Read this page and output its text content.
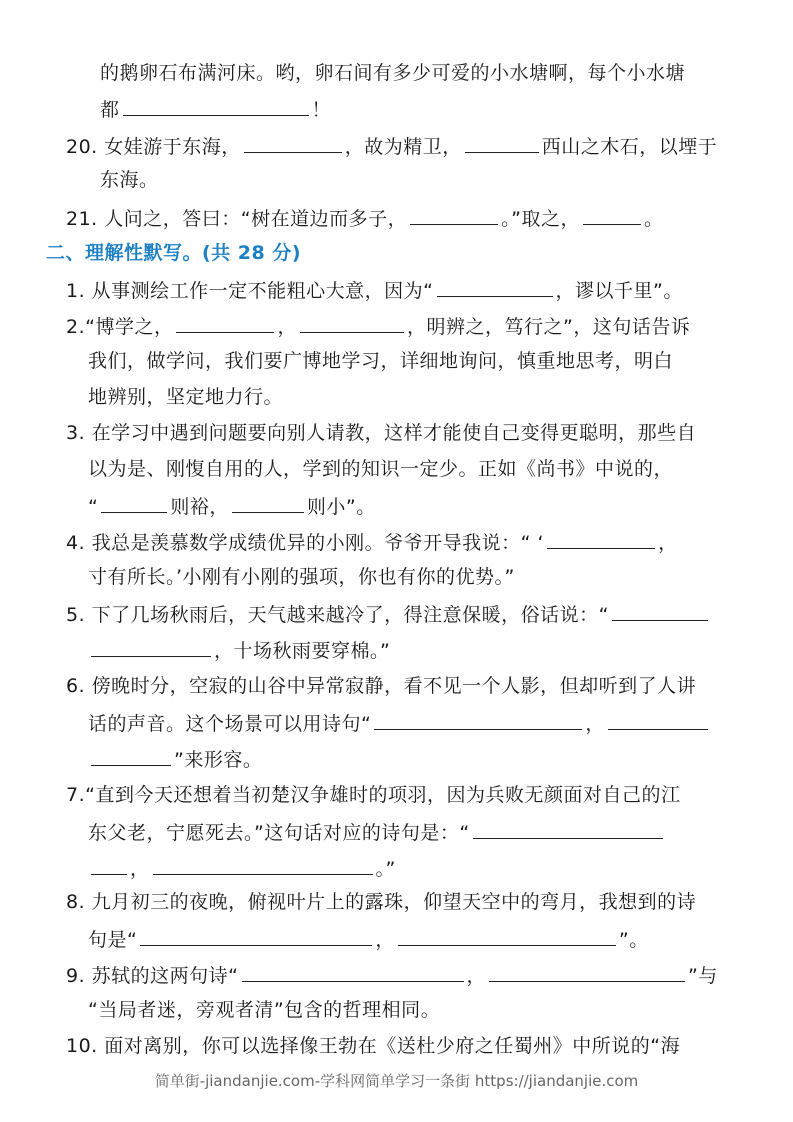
的鹅卵石布满河床。哟，卵石间有多少可爱的小水塘啊，每个小水塘
都	！
20. 女娃游于东海，	，故为精卫，	西山之木石，以堙于
东海。
21. 人问之，答曰：“树在道边而多子，	。”取之，	。
二、理解性默写。(共 28 分)
1. 从事测绘工作一定不能粗心大意，因为“	，谬以千里”。
2.“博学之，	，	，明辨之，笃行之”，这句话告诉
我们，做学问，我们要广博地学习，详细地询问，慎重地思考，明白
地辨别，坚定地力行。
3. 在学习中遇到问题要向别人请教，这样才能使自己变得更聪明，那些自
以为是、刚愎自用的人，学到的知识一定少。正如《尚书》中说的，
“	则裕，	则小”。
4. 我总是羡慕数学成绩优异的小刚。爷爷开导我说：“ ‘	，
寸有所长。’小刚有小刚的强项，你也有你的优势。”
5. 下了几场秋雨后，天气越来越冷了，得注意保暖，俗话说：“
，十场秋雨要穿棉。”
6. 傍晚时分，空寂的山谷中异常寂静，看不见一个人影，但却听到了人讲
话的声音。这个场景可以用诗句“	，
”来形容。
7.“直到今天还想着当初楚汉争雄时的项羽，因为兵败无颜面对自己的江
东父老，宁愿死去。”这句话对应的诗句是：“
，	。”
8. 九月初三的夜晚，俯视叶片上的露珠，仰望天空中的弯月，我想到的诗
句是“	，	”。
9. 苏轼的这两句诗“	，	”与
“当局者迷，旁观者清”包含的哲理相同。
10. 面对离别，你可以选择像王勃在《送杜少府之任蜀州》中所说的“海
简单街-jiandanjie.com-学科网简单学习一条街 https://jiandanjie.com
